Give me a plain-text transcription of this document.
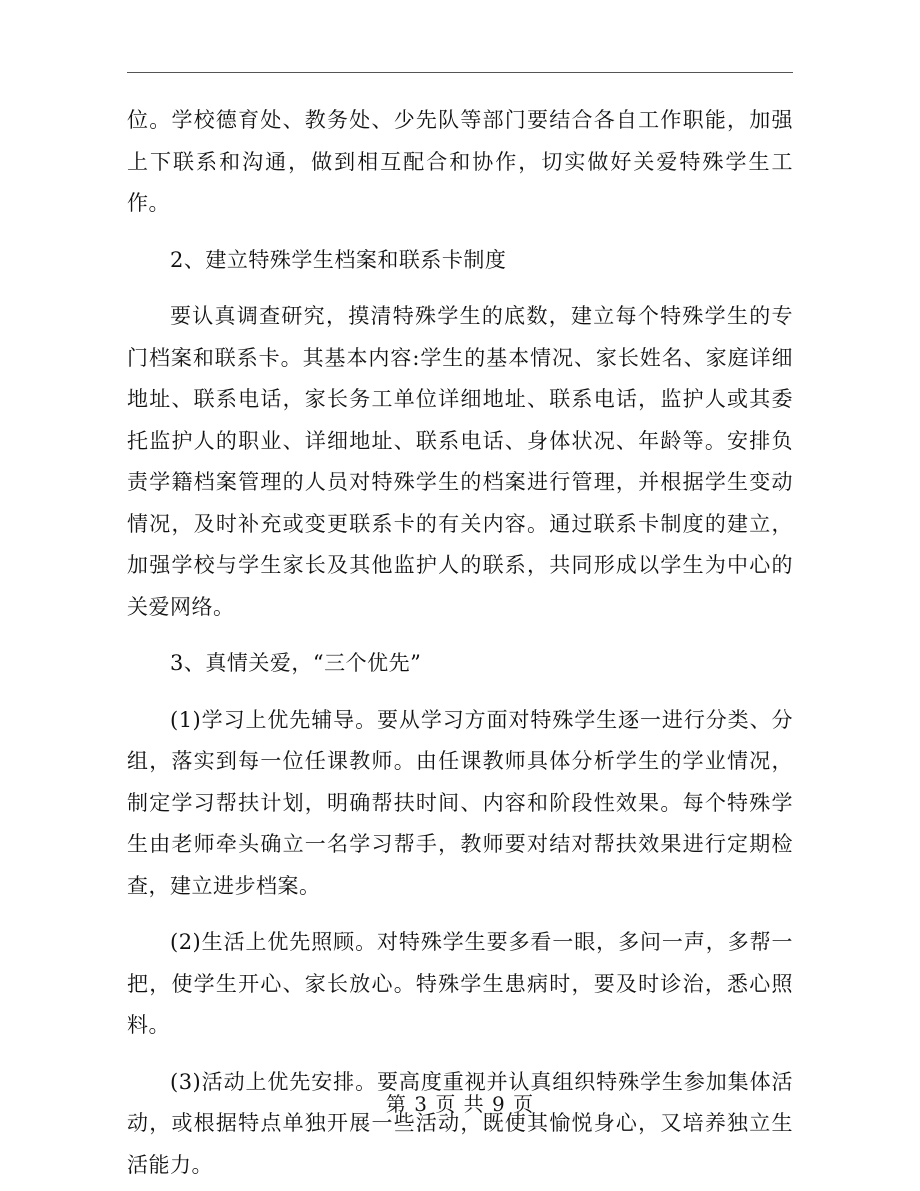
位。学校德育处、教务处、少先队等部门要结合各自工作职能，加强上下联系和沟通，做到相互配合和协作，切实做好关爱特殊学生工作。

2、建立特殊学生档案和联系卡制度

要认真调查研究，摸清特殊学生的底数，建立每个特殊学生的专门档案和联系卡。其基本内容:学生的基本情况、家长姓名、家庭详细地址、联系电话，家长务工单位详细地址、联系电话，监护人或其委托监护人的职业、详细地址、联系电话、身体状况、年龄等。安排负责学籍档案管理的人员对特殊学生的档案进行管理，并根据学生变动情况，及时补充或变更联系卡的有关内容。通过联系卡制度的建立，加强学校与学生家长及其他监护人的联系，共同形成以学生为中心的关爱网络。

3、真情关爱，“三个优先”

(1)学习上优先辅导。要从学习方面对特殊学生逐一进行分类、分组，落实到每一位任课教师。由任课教师具体分析学生的学业情况，制定学习帮扶计划，明确帮扶时间、内容和阶段性效果。每个特殊学生由老师牵头确立一名学习帮手，教师要对结对帮扶效果进行定期检查，建立进步档案。

(2)生活上优先照顾。对特殊学生要多看一眼，多问一声，多帮一把，使学生开心、家长放心。特殊学生患病时，要及时诊治，悉心照料。

(3)活动上优先安排。要高度重视并认真组织特殊学生参加集体活动，或根据特点单独开展一些活动，既使其愉悦身心，又培养独立生活能力。

第 3 页 共 9 页
